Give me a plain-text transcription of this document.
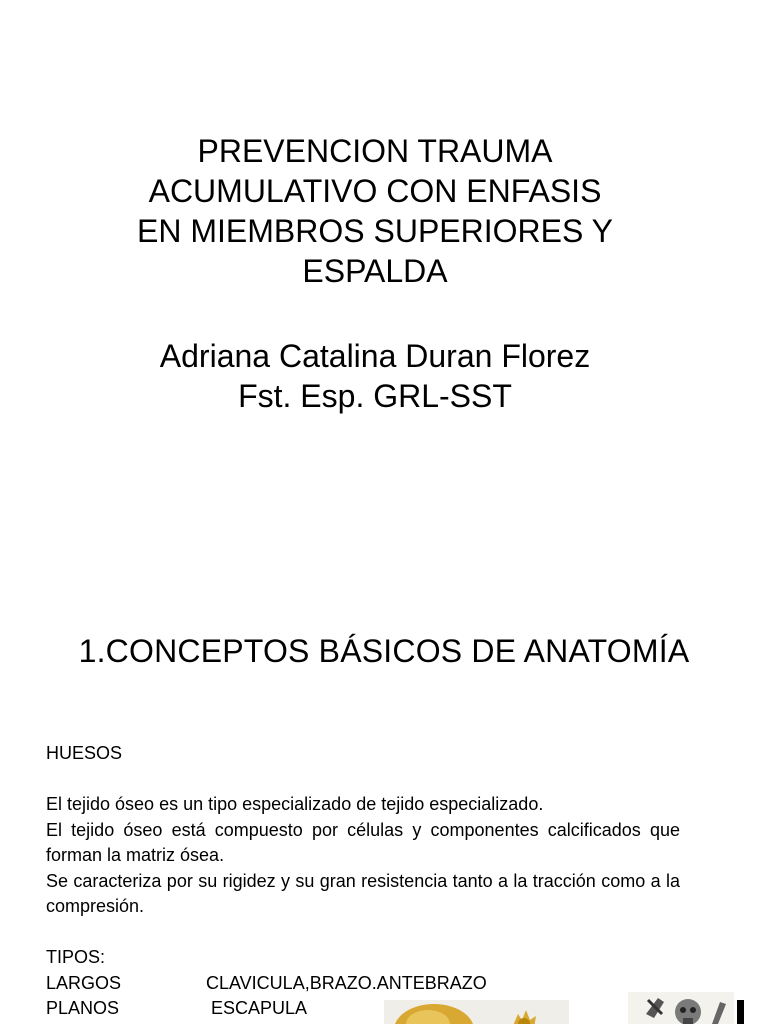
PREVENCION TRAUMA
ACUMULATIVO CON ENFASIS
EN MIEMBROS SUPERIORES Y
ESPALDA
Adriana Catalina Duran Florez
Fst. Esp. GRL-SST
1.CONCEPTOS BÁSICOS DE ANATOMÍA
HUESOS
El tejido óseo es un tipo especializado de tejido especializado.
El tejido óseo está compuesto por células y componentes calcificados que forman la matriz ósea.
Se caracteriza por su rigidez y su gran resistencia tanto a la tracción como a la compresión.
TIPOS:
LARGOS	CLAVICULA,BRAZO.ANTEBRAZO
PLANOS	ESCAPULA
